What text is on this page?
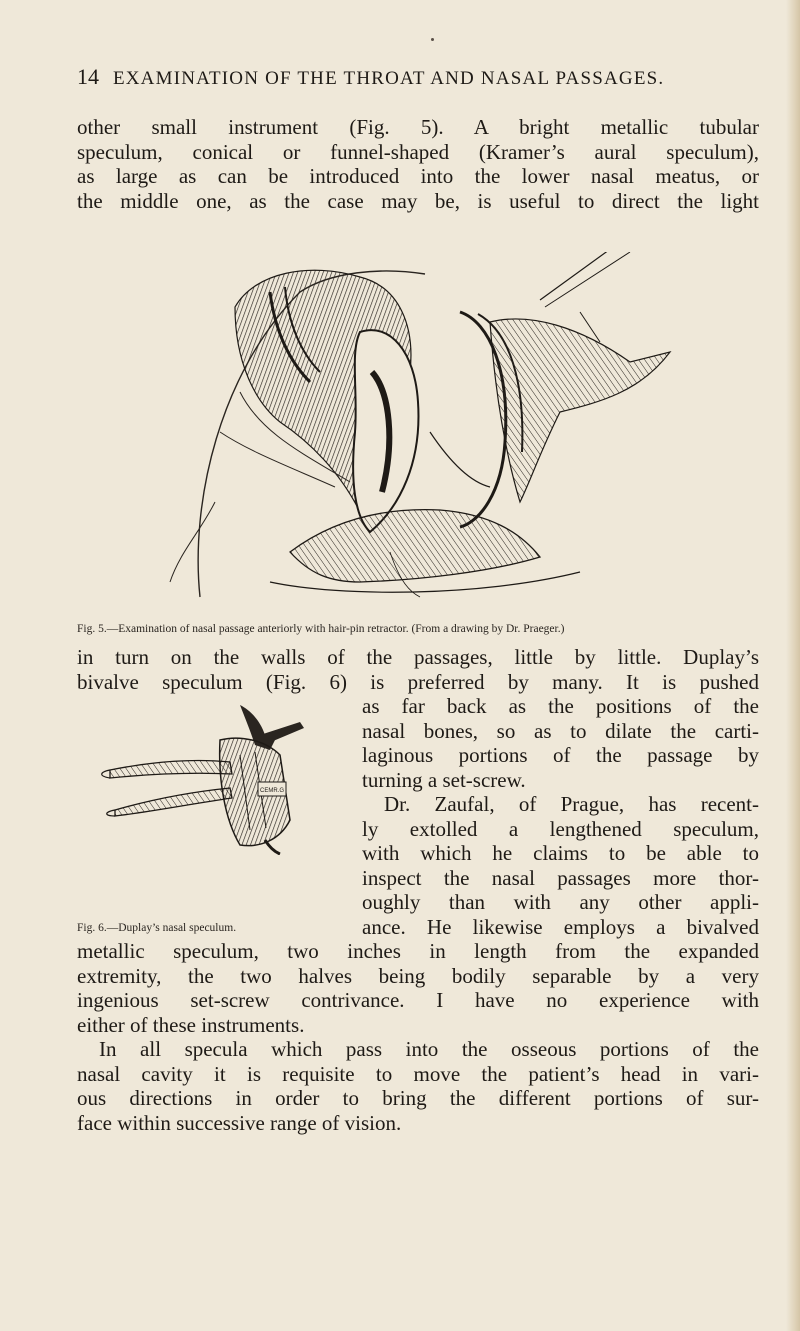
14 EXAMINATION OF THE THROAT AND NASAL PASSAGES.
other small instrument (Fig. 5). A bright metallic tubular
speculum, conical or funnel-shaped (Kramer’s aural speculum),
as large as can be introduced into the lower nasal meatus, or
the middle one, as the case may be, is useful to direct the light
Fig. 5.—Examination of nasal passage anteriorly with hair-pin retractor. (From a drawing by Dr. Praeger.)
in turn on the walls of the passages, little by little. Duplay’s
bivalve speculum (Fig. 6) is preferred by many. It is pushed
CEMR.G
as far back as the positions of the
nasal bones, so as to dilate the carti-
laginous portions of the passage by
turning a set-screw.
Dr. Zaufal, of Prague, has recent-
ly extolled a lengthened speculum,
with which he claims to be able to
inspect the nasal passages more thor-
oughly than with any other appli-
ance. He likewise employs a bivalved
Fig. 6.—Duplay’s nasal speculum.
metallic speculum, two inches in length from the expanded
extremity, the two halves being bodily separable by a very
ingenious set-screw contrivance. I have no experience with
either of these instruments.
In all specula which pass into the osseous portions of the
nasal cavity it is requisite to move the patient’s head in vari-
ous directions in order to bring the different portions of sur-
face within successive range of vision.
